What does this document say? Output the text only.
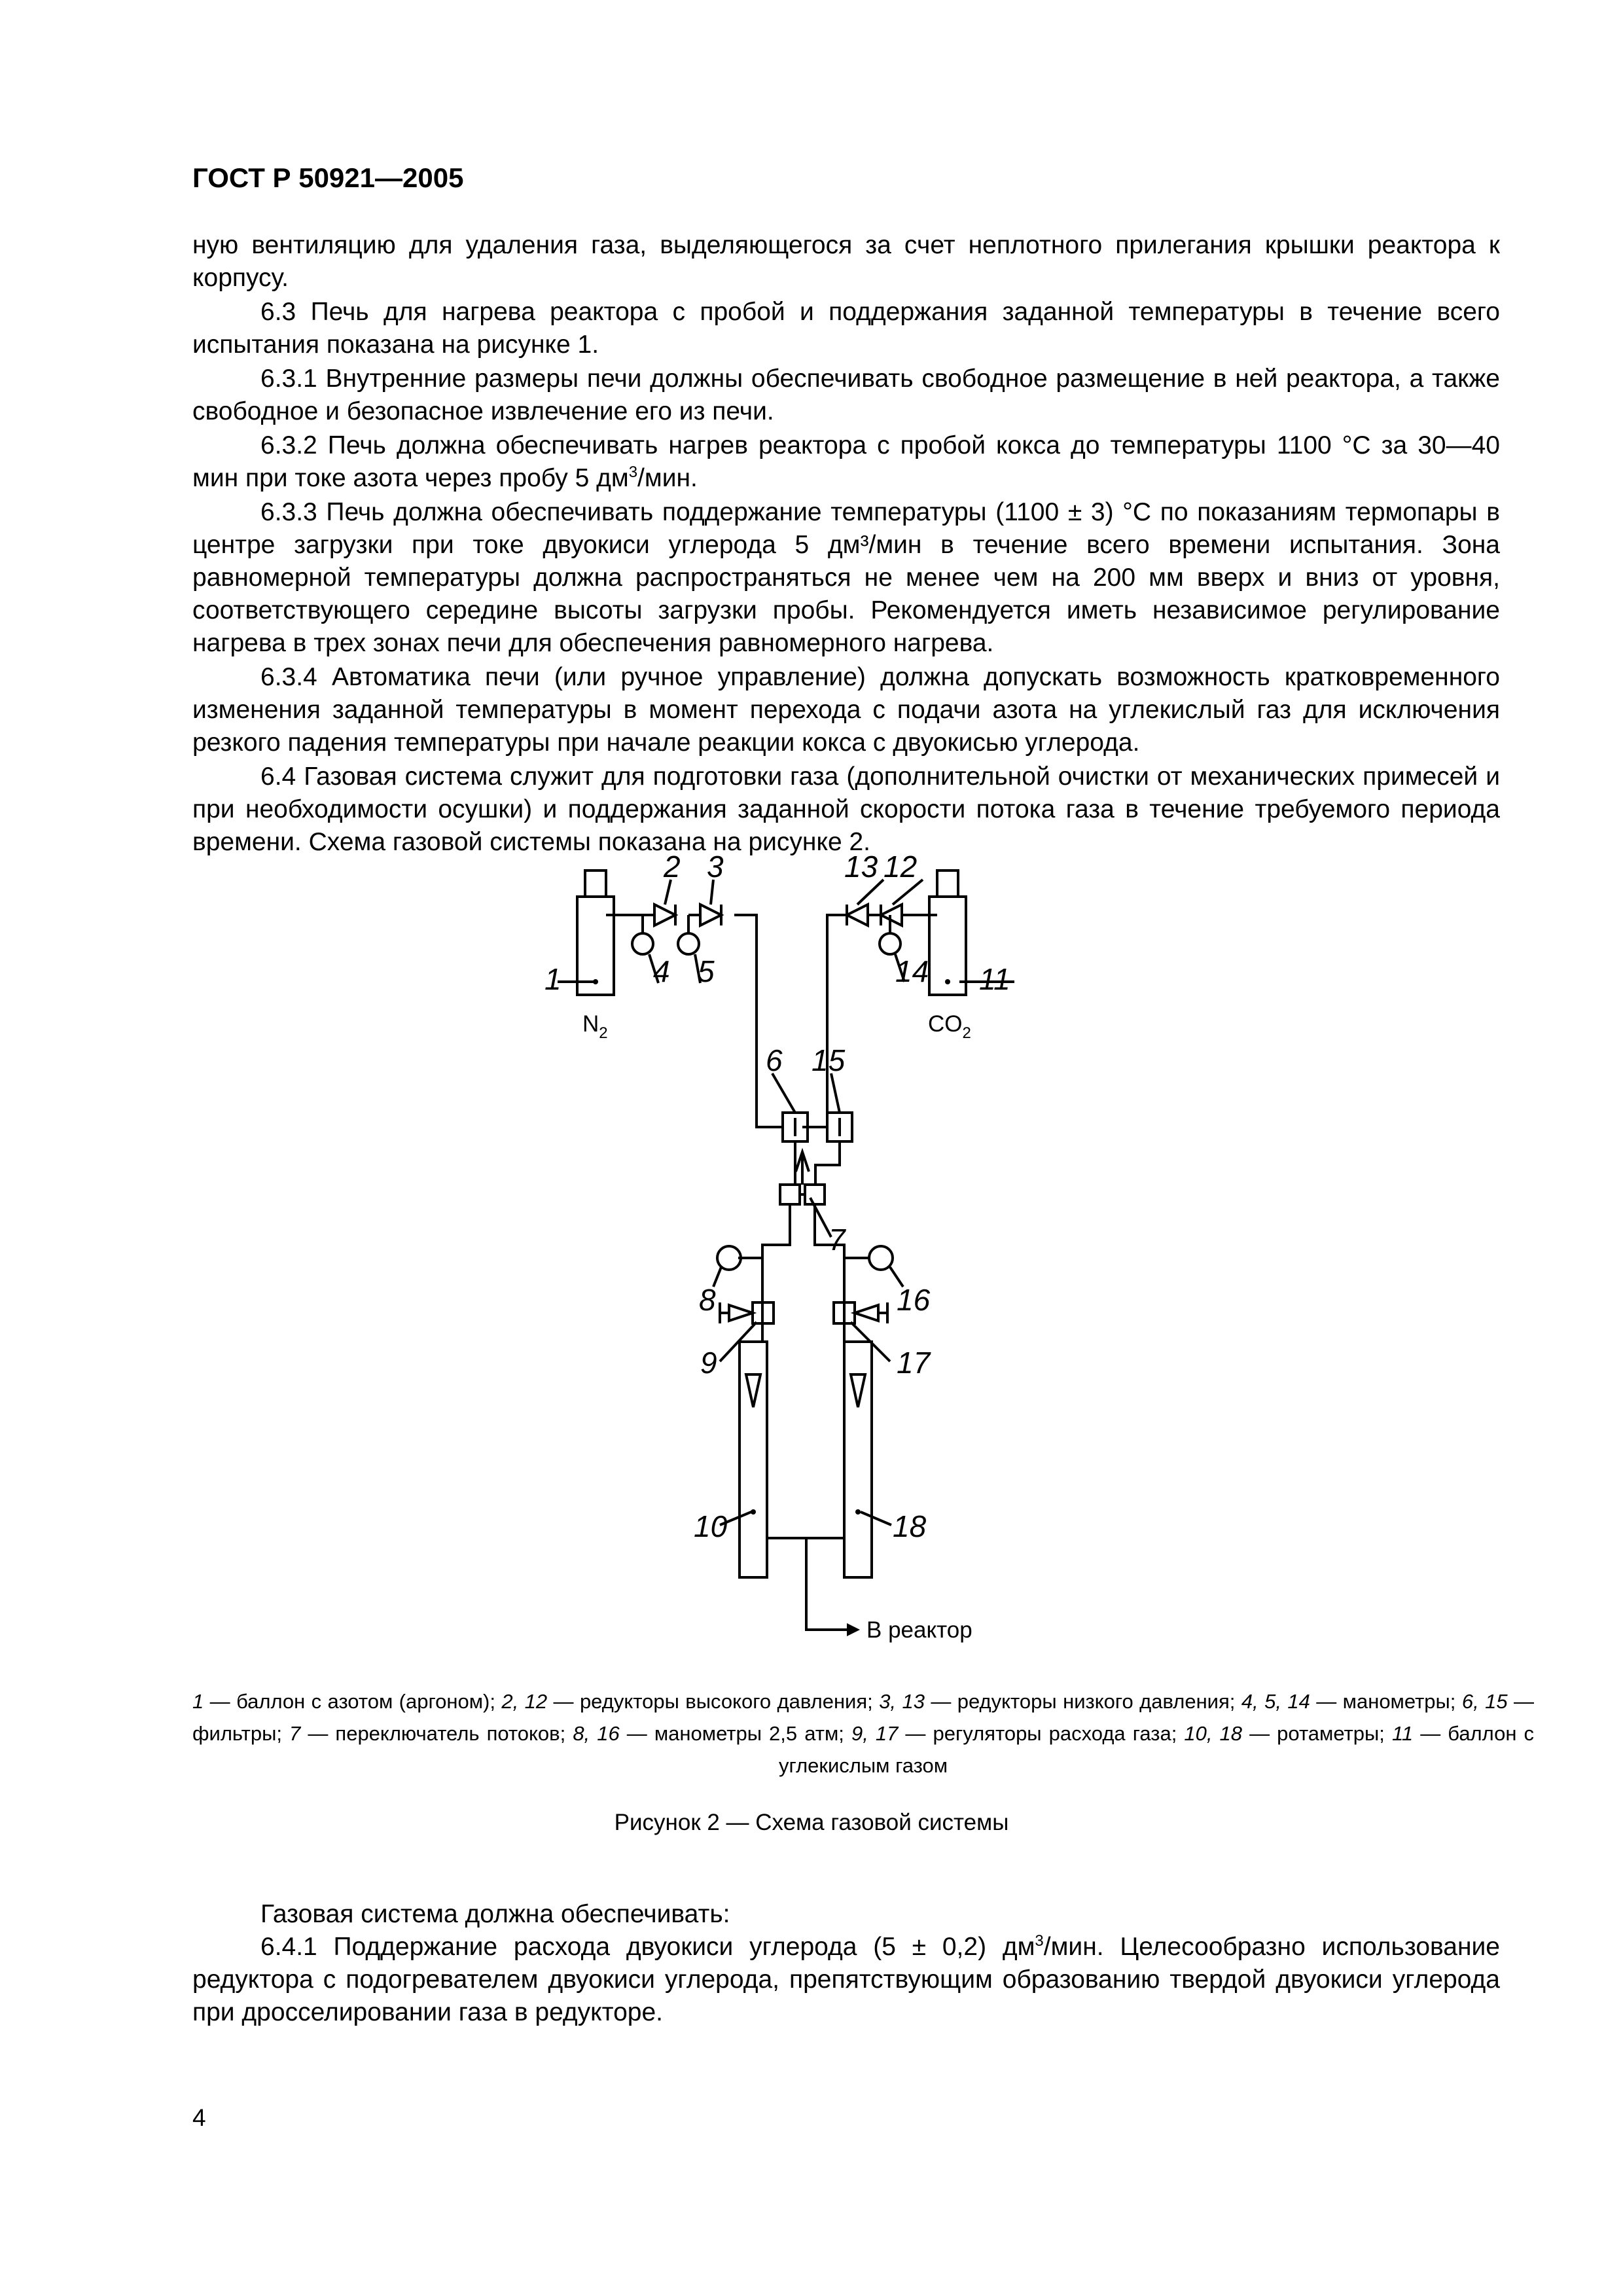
ГОСТ Р 50921—2005

ную вентиляцию для удаления газа, выделяющегося за счет неплотного прилегания крышки реактора к корпусу.

6.3 Печь для нагрева реактора с пробой и поддержания заданной температуры в течение всего испытания показана на рисунке 1.

6.3.1 Внутренние размеры печи должны обеспечивать свободное размещение в ней реактора, а также свободное и безопасное извлечение его из печи.

6.3.2 Печь должна обеспечивать нагрев реактора с пробой кокса до температуры 1100 °С за 30—40 мин при токе азота через пробу 5 $дм^3$/мин.

6.3.3 Печь должна обеспечивать поддержание температуры (1100 ± 3) °С по показаниям термопары в центре загрузки при токе двуокиси углерода 5 дм³/мин в течение всего времени испытания. Зона равномерной температуры должна распространяться не менее чем на 200 мм вверх и вниз от уровня, соответствующего середине высоты загрузки пробы. Рекомендуется иметь независимое регулирование нагрева в трех зонах печи для обеспечения равномерного нагрева.

6.3.4 Автоматика печи (или ручное управление) должна допускать возможность кратковременного изменения заданной температуры в момент перехода с подачи азота на углекислый газ для исключения резкого падения температуры при начале реакции кокса с двуокисью углерода.

6.4 Газовая система служит для подготовки газа (дополнительной очистки от механических примесей и при необходимости осушки) и поддержания заданной скорости потока газа в течение требуемого периода времени. Схема газовой системы показана на рисунке 2.

1
2 3
4 5
6
7
8
9
10
11
12
13
14
15
16
17
18
$N_2$	$CO_2$
В реактор
1 — баллон с азотом (аргоном); 2, 12 — редукторы высокого давления; 3, 13 — редукторы низкого давления; 4, 5, 14 — манометры; 6, 15 — фильтры; 7 — переключатель потоков; 8, 16 — манометры 2,5 атм; 9, 17 — регуляторы расхода газа; 10, 18 — ротаметры; 11 — баллон с углекислым газом
Рисунок 2 — Схема газовой системы

Газовая система должна обеспечивать:

6.4.1 Поддержание расхода двуокиси углерода (5 ± 0,2) $дм^3$/мин. Целесообразно использование редуктора с подогревателем двуокиси углерода, препятствующим образованию твердой двуокиси углерода при дросселировании газа в редукторе.

4
